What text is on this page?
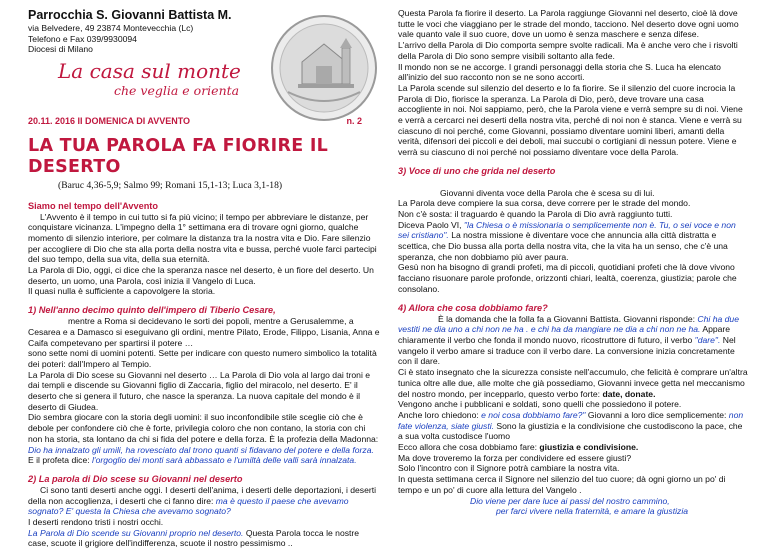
Parrocchia S. Giovanni Battista M.
via Belvedere, 49 23874 Montevecchia (Lc)
Telefono e Fax 039/9930094
Diocesi di Milano
La casa sul monte
che veglia e orienta
20.11. 2016 II DOMENICA DI AVVENTO	n. 2
LA TUA PAROLA FA FIORIRE IL DESERTO
(Baruc 4,36-5,9; Salmo 99; Romani 15,1-13; Luca 3,1-18)
Siamo nel tempo dell'Avvento

L'Avvento è il tempo in cui tutto si fa più vicino; il tempo per abbreviare le distanze, per conquistare vicinanza. L'impegno della 1° settimana era di trovare ogni giorno, qualche momento di silenzio interiore, per colmare la distanza tra la nostra vita e Dio. Fare silenzio per accogliere di Dio che sta alla porta della nostra vita e bussa, perché vuole farci partecipi del suo tempo, della sua vita, della sua eternità.

La Parola di Dio, oggi, ci dice che la speranza nasce nel deserto, è un fiore del deserto. Un deserto, un uomo, una Parola, così inizia il Vangelo di Luca.

Il quasi nulla è sufficiente a capovolgere la storia.

1) Nell'anno decimo quinto dell'impero di Tiberio Cesare,

mentre a Roma si decidevano le sorti dei popoli, mentre a Gerusalemme, a Cesarea e a Damasco si eseguivano gli ordini, mentre Pilato, Erode, Filippo, Lisania, Anna e Caifa competevano per spartirsi il potere …

sono sette nomi di uomini potenti. Sette per indicare con questo numero simbolico la totalità dei poteri: dall'Impero al Tempio.

La Parola di Dio scese su Giovanni nel deserto … La Parola di Dio vola al largo dai troni e dai templi e discende su Giovanni figlio di Zaccaria, figlio del miracolo, nel deserto. E' il deserto che si genera il futuro, che nasce la speranza. La nuova capitale del mondo è il deserto di Giudea.

Dio sembra giocare con la storia degli uomini: il suo inconfondibile stile sceglie ciò che è debole per confondere ciò che è forte, privilegia coloro che non contano, la storia con chi non ha storia, sta lontano da chi si fida del potere e della forza. È la profezia della Madonna: Dio ha innalzato gli umili, ha rovesciato dal trono quanti si fidavano del potere e della forza. E il profeta dice: l'orgoglio dei monti sarà abbassato e l'umiltà delle valli sarà innalzata.

2) La parola di Dio scese su Giovanni nel deserto

Ci sono tanti deserti anche oggi. I deserti dell'anima, i deserti delle deportazioni, i deserti della non accoglienza, i deserti che ci fanno dire: ma è questo il paese che avevamo sognato? E' questa la Chiesa che avevamo sognato?

I deserti rendono tristi i nostri occhi.

La Parola di Dio scende su Giovanni proprio nel deserto. Questa Parola tocca le nostre case, scuote il grigiore dell'indifferenza, scuote il nostro pessimismo ..

Questa Parola fa fiorire il deserto. La Parola raggiunge Giovanni nel deserto, cioè là dove tutte le voci che viaggiano per le strade del mondo, tacciono. Nel deserto dove ogni uomo vale quanto vale il suo cuore, dove un uomo è senza maschere e senza difese.
L'arrivo della Parola di Dio comporta sempre svolte radicali. Ma è anche vero che i risvolti della Parola di Dio sono sempre visibili soltanto alla fede.
Il mondo non se ne accorge. I grandi personaggi della storia che S. Luca ha elencato all'inizio del suo racconto non se ne sono accorti.
La Parola scende sul silenzio del deserto e lo fa fiorire. Se il silenzio del cuore incrocia la Parola di Dio, fiorisce la speranza. La Parola di Dio, però, deve trovare una casa accogliente in noi. Noi sappiamo, però, che la Parola viene e verrà sempre su di noi. Viene e verrà a cercarci nei deserti della nostra vita, perché di noi non è stanca. Viene e verrà su ciascuno di noi perché, come Giovanni, possiamo diventare uomini liberi, amanti della verità, difensori dei piccoli e dei deboli, mai succubi o cortigiani di nessun potere. Viene e verrà su ciascuno di noi perché noi possiamo diventare voce della Parola.

3) Voce di uno che grida nel deserto

Giovanni diventa voce della Parola che è scesa su di lui.
La Parola deve compiere la sua corsa, deve correre per le strade del mondo.
Non c'è sosta: il traguardo è quando la Parola di Dio avrà raggiunto tutti.
Diceva Paolo VI, "la Chiesa o è missionaria o semplicemente non è. Tu, o sei voce e non sei cristiano". La nostra missione è diventare voce che annuncia alla città distratta e scettica, che Dio bussa alla porta della nostra vita, che la vita ha un senso, che c'è una speranza, che non dobbiamo più aver paura.
Gesù non ha bisogno di grandi profeti, ma di piccoli, quotidiani profeti che là dove vivono facciano risuonare parole profonde, orizzonti chiari, lealtà, coerenza, giustizia; parole che consolano.

4) Allora che cosa dobbiamo fare?

È la domanda che la folla fa a Giovanni Battista. Giovanni risponde: Chi ha due vestiti ne dia uno a chi non ne ha . e chi ha da mangiare ne dia a chi non ne ha. Appare chiaramente il verbo che fonda il mondo nuovo, ricostruttore di futuro, il verbo "dare". Nel vangelo il verbo amare si traduce con il verbo dare. La conversione inizia concretamente con il dare.
Ci è stato insegnato che la sicurezza consiste nell'accumulo, che felicità è comprare un'altra tunica oltre alle due, alle molte che già possediamo, Giovanni invece getta nel meccanismo del nostro mondo, per incepparlo, questo verbo forte: date, donate.
Vengono anche i pubblicani e soldati, sono quelli che possiedono il potere.
Anche loro chiedono: e noi cosa dobbiamo fare?" Giovanni a loro dice semplicemente: non fate violenza, siate giusti. Sono la giustizia e la condivisione che custodiscono la pace, che a sua volta custodisce l'uomo
Ecco allora che cosa dobbiamo fare: giustizia e condivisione.
Ma dove troveremo la forza per condividere ed essere giusti?
Solo l'incontro con il Signore potrà cambiare la nostra vita.
In questa settimana cerca il Signore nel silenzio del tuo cuore; dà ogni giorno un po' di tempo e un po' di cuore alla lettura del Vangelo .

Dio viene per dare luce ai passi del nostro cammino,

per farci vivere nella fraternità, e amare la giustizia
